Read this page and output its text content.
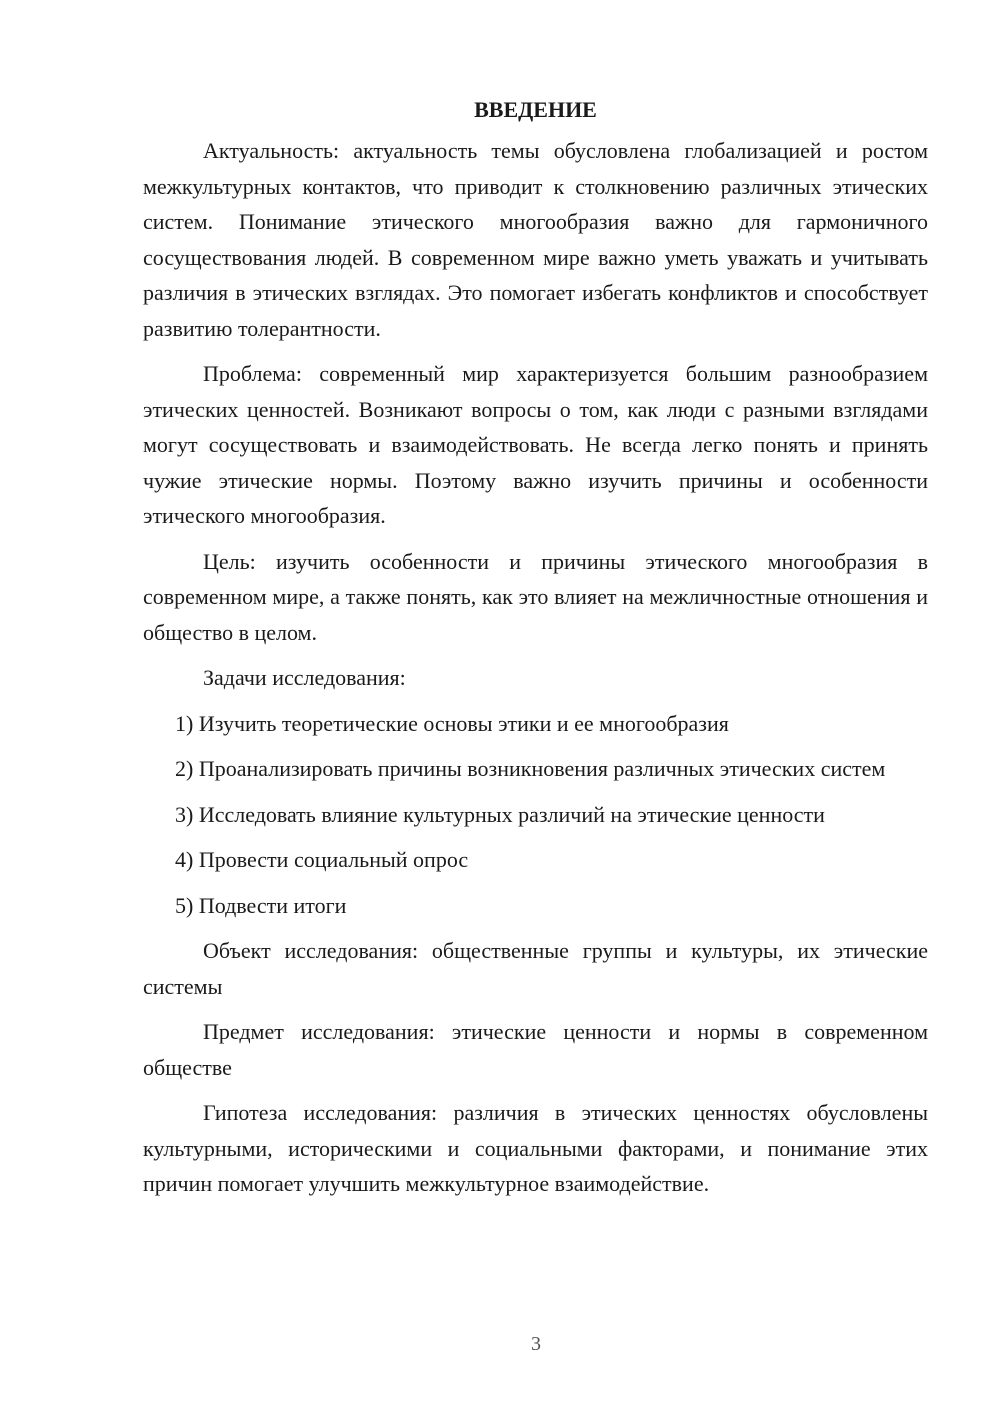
ВВЕДЕНИЕ

Актуальность: актуальность темы обусловлена глобализацией и ростом межкультурных контактов, что приводит к столкновению различных этических систем. Понимание этического многообразия важно для гармоничного сосуществования людей. В современном мире важно уметь уважать и учитывать различия в этических взглядах. Это помогает избегать конфликтов и способствует развитию толерантности.

Проблема: современный мир характеризуется большим разнообразием этических ценностей. Возникают вопросы о том, как люди с разными взглядами могут сосуществовать и взаимодействовать. Не всегда легко понять и принять чужие этические нормы. Поэтому важно изучить причины и особенности этического многообразия.

Цель: изучить особенности и причины этического многообразия в современном мире, а также понять, как это влияет на межличностные отношения и общество в целом.

Задачи исследования:

1) Изучить теоретические основы этики и ее многообразия

2) Проанализировать причины возникновения различных этических систем

3) Исследовать влияние культурных различий на этические ценности

4) Провести социальный опрос

5) Подвести итоги

Объект исследования: общественные группы и культуры, их этические системы

Предмет исследования: этические ценности и нормы в современном обществе

Гипотеза исследования: различия в этических ценностях обусловлены культурными, историческими и социальными факторами, и понимание этих причин помогает улучшить межкультурное взаимодействие.

3
